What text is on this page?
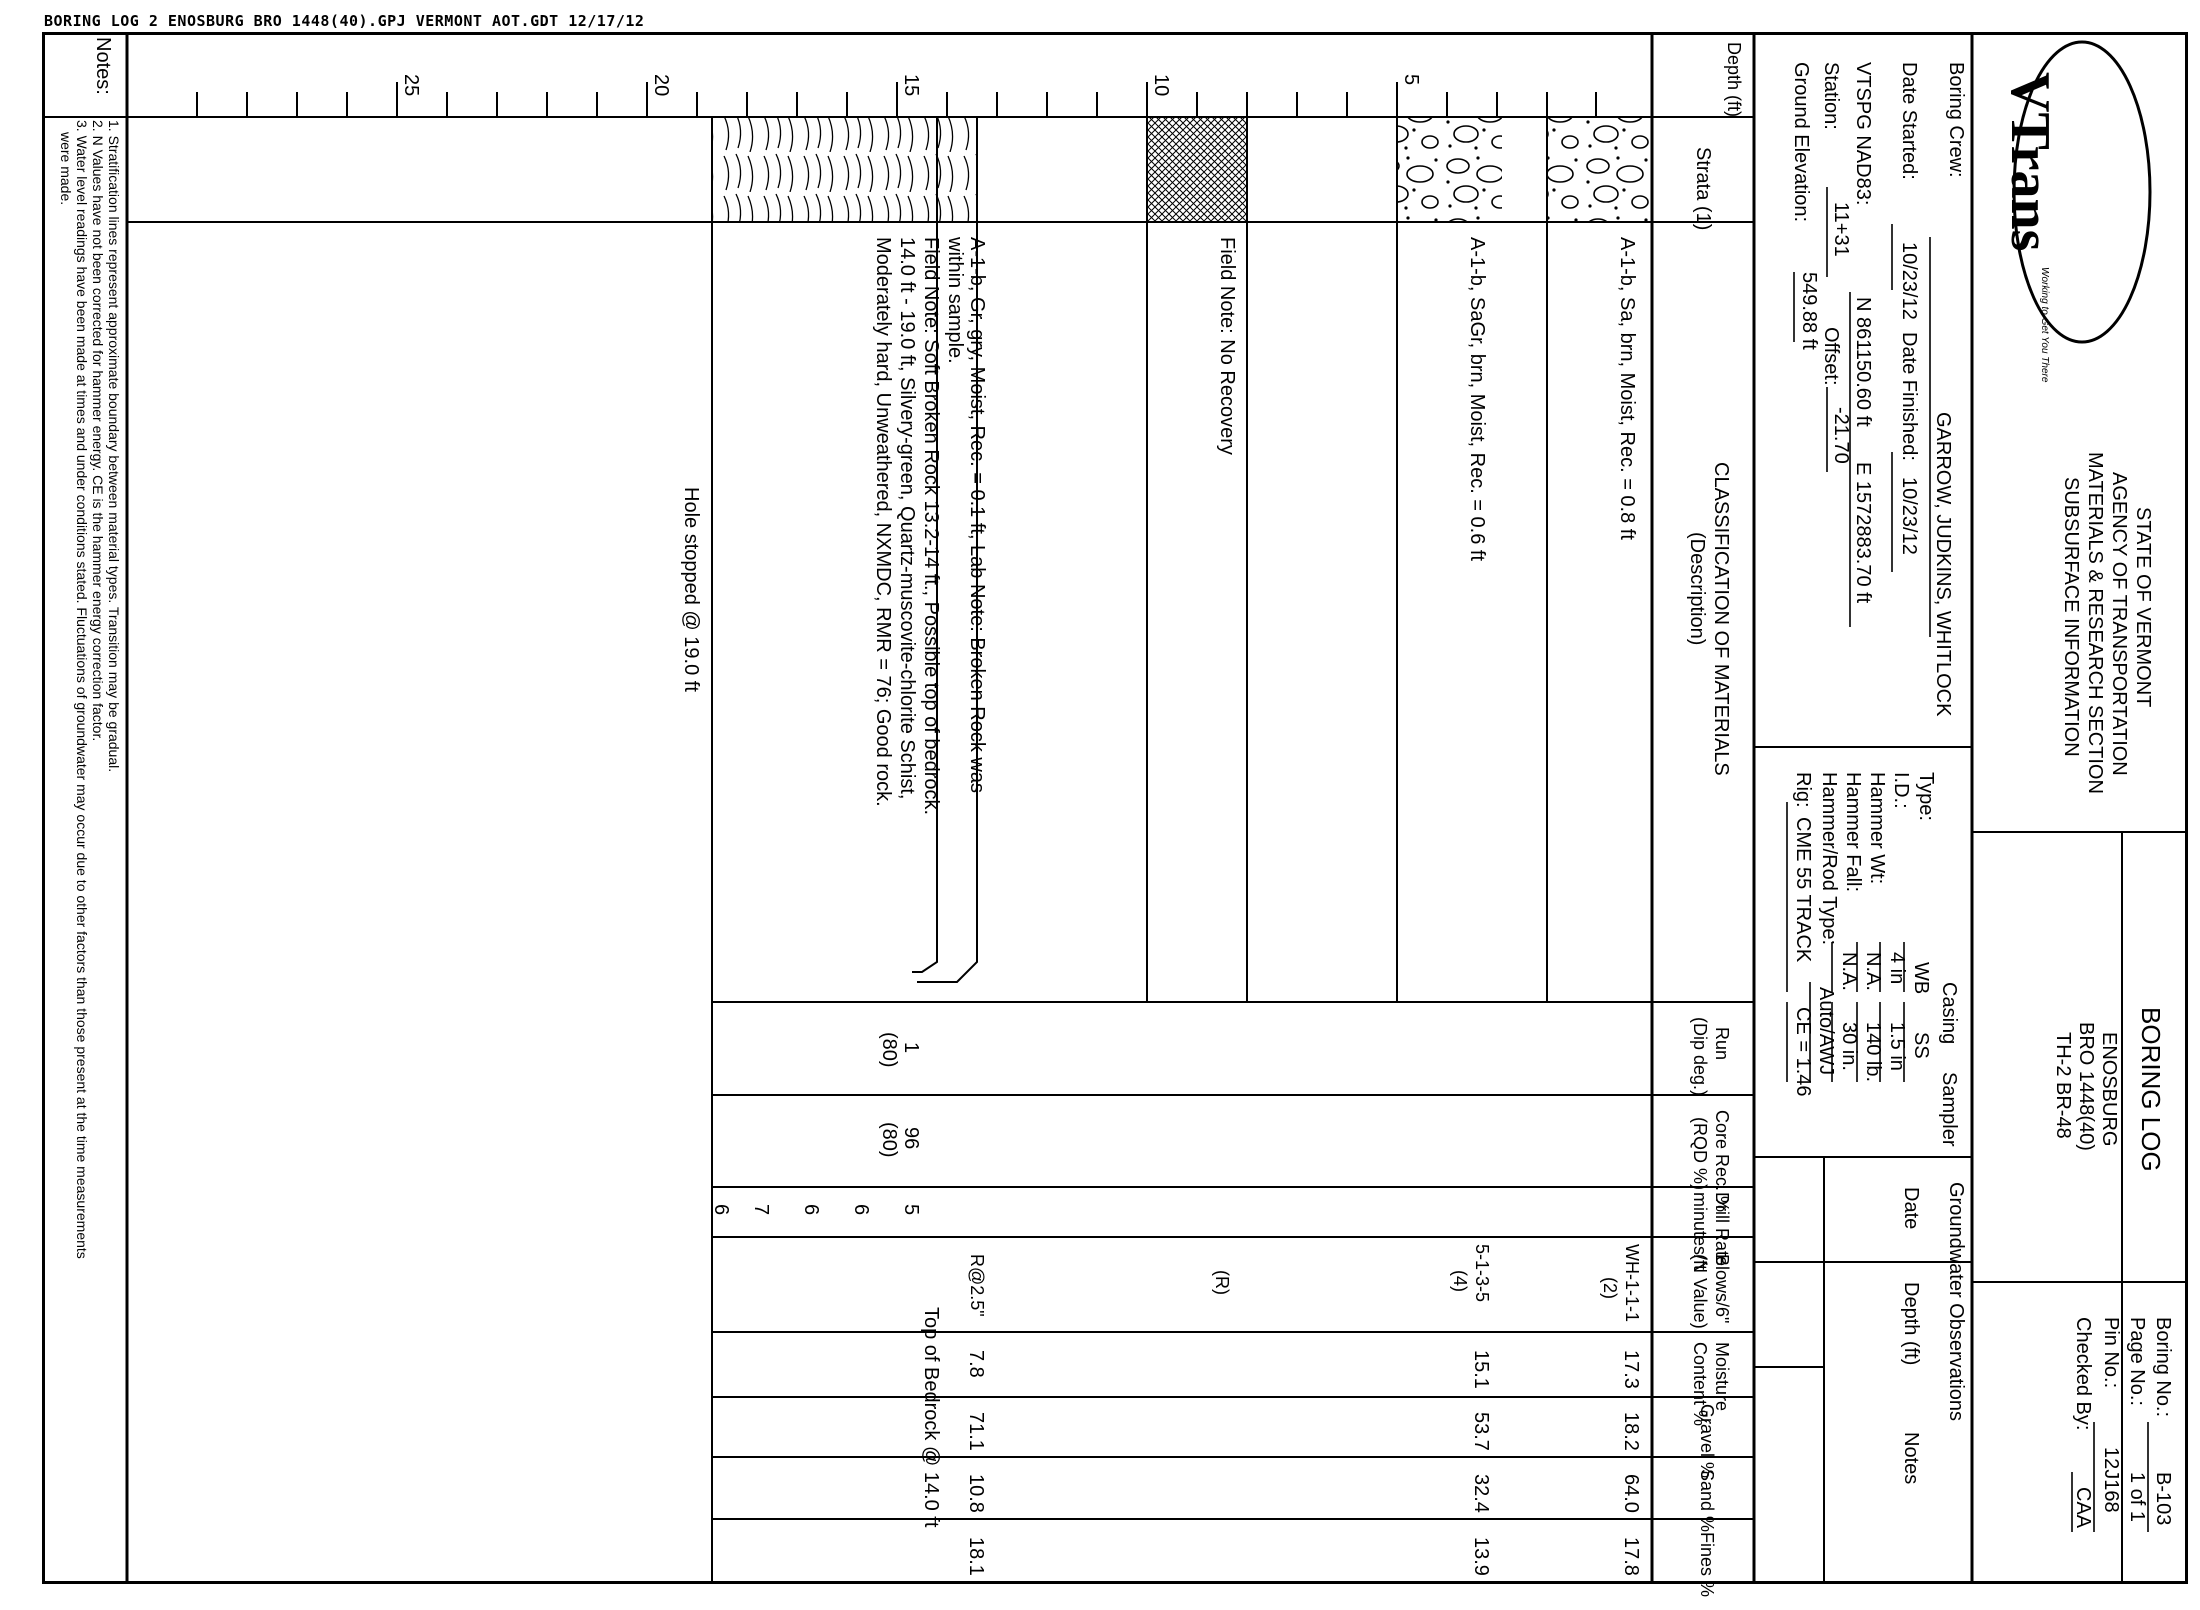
BORING LOG 2 ENOSBURG BRO 1448(40).GPJ VERMONT AOT.GDT 12/17/12
VTrans
Working to Get You There
STATE OF VERMONT
AGENCY OF TRANSPORTATION
MATERIALS & RESEARCH SECTION
SUBSURFACE INFORMATION
BORING LOG
ENOSBURG
BRO 1448(40)
TH-2 BR-48
Boring No.:
B-103
Page No.:
1 of 1
Pin No.:
12J168
Checked By:
CAA
Boring Crew:
GARROW, JUDKINS, WHITLOCK
Date Started:
10/23/12
Date Finished:
10/23/12
VTSPG NAD83:
N 861150.60 ft
E 1572883.70 ft
Station:
11+31
Offset:
-21.70
Ground Elevation:
549.88 ft
Casing
Sampler
Type:
WB
SS
I.D.:
4 in
1.5 in
Hammer Wt:
N.A.
140 lb.
Hammer Fall:
N.A.
30 in.
Hammer/Rod Type:
Auto/AWJ
Rig:
CME 55 TRACK
CE = 1.46
Groundwater Observations
Date
Depth (ft)
Notes
Depth (ft)
Strata (1)
CLASSIFICATION OF MATERIALS
(Description)
Run
(Dip deg.)
Core Rec. %
(RQD %)
Drill Rate
minutes/ft
Blows/6"
(N Value)
Moisture
Content %
Gravel %
Sand %
Fines %
5
10
15
20
25
A-1-b, Sa, brn, Moist, Rec. = 0.8 ft
A-1-b, SaGr, brn, Moist, Rec. = 0.6 ft
Field Note: No Recovery
A-1-b, Gr, gry, Moist, Rec. = 0.1 ft, Lab Note: Broken Rock was
within sample.
Field Note: Soft Broken Rock 13.2-14 ft., Possible top of bedrock.
14.0 ft - 19.0 ft, Silvery-green, Quartz-muscovite-chlorite Schist,
Moderately hard, Unweathered, NXMDC, RMR = 76; Good rock.
Hole stopped @ 19.0 ft
1
(80)
96
(80)
5
6
6
7
6
Top of Bedrock @ 14.0 ft
WH-1-1-1
(2)
5-1-3-5
(4)
(R)
R@2.5"
17.3
18.2
64.0
17.8
15.1
53.7
32.4
13.9
7.8
71.1
10.8
18.1
Notes:
1. Stratification lines represent approximate boundary between material types. Transition may be gradual.
2. N Values have not been corrected for hammer energy. CE is the hammer energy correction factor.
3. Water level readings have been made at times and under conditions stated. Fluctuations of groundwater may occur due to other factors than those present at the time measurements
were made.
